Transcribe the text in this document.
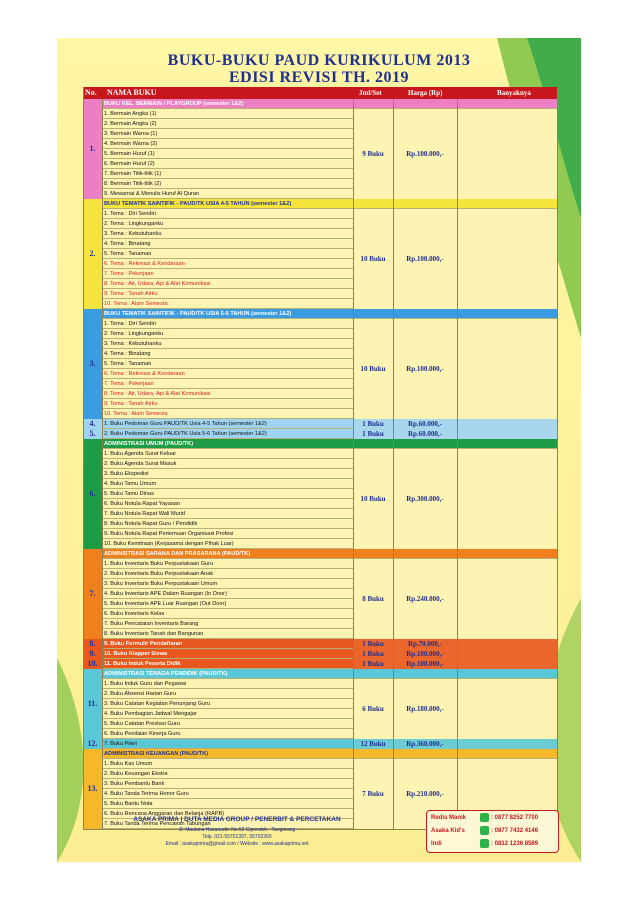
BUKU-BUKU PAUD KURIKULUM 2013
EDISI REVISI TH. 2019
No. NAMA BUKU	Jml/Set	Harga (Rp)	Banyaknya
1.
BUKU KEL. BERMAIN / PLAYGROUP (semester 1&2)
1. Bermain Angka (1)
2. Bermain Angka (2)
3. Bermain Warna (1)
4. Bermain Warna (2)
5. Bermain Huruf (1)
6. Bermain Huruf (2)
7. Bermain Titik-titik (1)
8. Bermain Titik-titik (2)
9. Mewarnai & Menulis Huruf Al Quran
9 Buku	Rp.100.000,-
2.
BUKU TEMATIK SAINTIFIK - PAUD/TK USIA 4-5 TAHUN (semester 1&2)
1. Tema : Diri Sendiri
2. Tema : Lingkunganku
3. Tema : Kebutuhanku
4. Tema : Binatang
5. Tema : Tanaman
6. Tema : Rekreasi & Kendaraan
7. Tema : Pekerjaan
8. Tema : Air, Udara, Api & Alat Komunikasi
9. Tema : Tanah Airku
10. Tema : Alam Semesta
10 Buku	Rp.100.000,-
3.
BUKU TEMATIK SAINTIFIK - PAUD/TK USIA 5-6 TAHUN (semester 1&2)
1. Tema : Diri Sendiri
2. Tema : Lingkunganku
3. Tema : Kebutuhanku
4. Tema : Binatang
5. Tema : Tanaman
6. Tema : Rekreasi & Kendaraan
7. Tema : Pekerjaan
8. Tema : Air, Udara, Api & Alat Komunikasi
9. Tema : Tanah Airku
10. Tema : Alam Semesta
10 Buku	Rp.100.000,-
4.	1. Buku Pedoman Guru PAUD/TK Usia 4-5 Tahun (semester 1&2)	1 Buku	Rp.60.000,-
5.	2. Buku Pedoman Guru PAUD/TK Usia 5-6 Tahun (semester 1&2)	1 Buku	Rp.60.000,-
6.
ADMINISTRASI UMUM (PAUD/TK)
1. Buku Agenda Surat Keluar
2. Buku Agenda Surat Masuk
3. Buku Ekspedisi
4. Buku Tamu Umum
5. Buku Tamu Dinas
6. Buku Notula Rapat Yayasan
7. Buku Notula Rapat Wali Murid
8. Buku Notula Rapat Guru / Pendidik
9. Buku Notula Rapat Pertemuan Organisasi Profesi
10. Buku Kemitraan (Kerjasama dengan Pihak Luar)
10 Buku	Rp.300.000,-
7.
ADMINISTRASI SARANA DAN PRASARANA (PAUD/TK)
1. Buku Inventaris Buku Perpustakaan Guru
2. Buku Inventaris Buku Perpustakaan Anak
3. Buku Inventaris Buku Perpustakaan Umum
4. Buku Inventaris APE Dalam Ruangan (In Door)
5. Buku Inventaris APE Luar Ruangan (Out Door)
6. Buku Inventaris Kelas
7. Buku Pencatatan Inventaris Barang
8. Buku Inventaris Tanah dan Bangunan
8 Buku	Rp.240.000,-
8.	9. Buku Formulir Pendaftaran	1 Buku	Rp.70.000,-
9.	10. Buku Klapper Siswa	1 Buku	Rp.100.000,-
10.	11. Buku Induk Peserta Didik	1 Buku	Rp.100.000,-
11.
ADMINISTRASI TENAGA PENDIDIK (PAUD/TK)
1. Buku Induk Guru dan Pegawai
2. Buku Absensi Harian Guru
3. Buku Catatan Kegiatan Penunjang Guru
4. Buku Pembagian Jadwal Mengajar
5. Buku Catatan Prestasi Guru
6. Buku Penilaian Kinerja Guru
6 Buku	Rp.180.000,-
12.	7. Buku Piket	12 Buku	Rp.360.000,-
13.
ADMINISTRASI KEUANGAN (PAUD/TK)
1. Buku Kas Umum
2. Buku Keuangan Ekstra
3. Buku Pembantu Bank
4. Buku Tanda Terima Honor Guru
5. Buku Bantu Nota
6. Buku Rencana Anggaran dan Belanja (RAPB)
7. Buku Tanda Terima Pencairan Tabungan
7 Buku	Rp.210.000,-
ASAKA PRIMA | DUTA MEDIA GROUP / PENERBIT & PERCETAKAN
Jl. Maulana Hasanudin No.52 Cipondoh - Tangerang
Telp. 021-55701397, 55702265
Email : asakaprima@gmail.com / Website : www.asakaprima.net
Redis Manik	: 0877 8252 7700
Asaka Kid's	: 0877 7432 4146
Indi	: 0812 1236 8589
